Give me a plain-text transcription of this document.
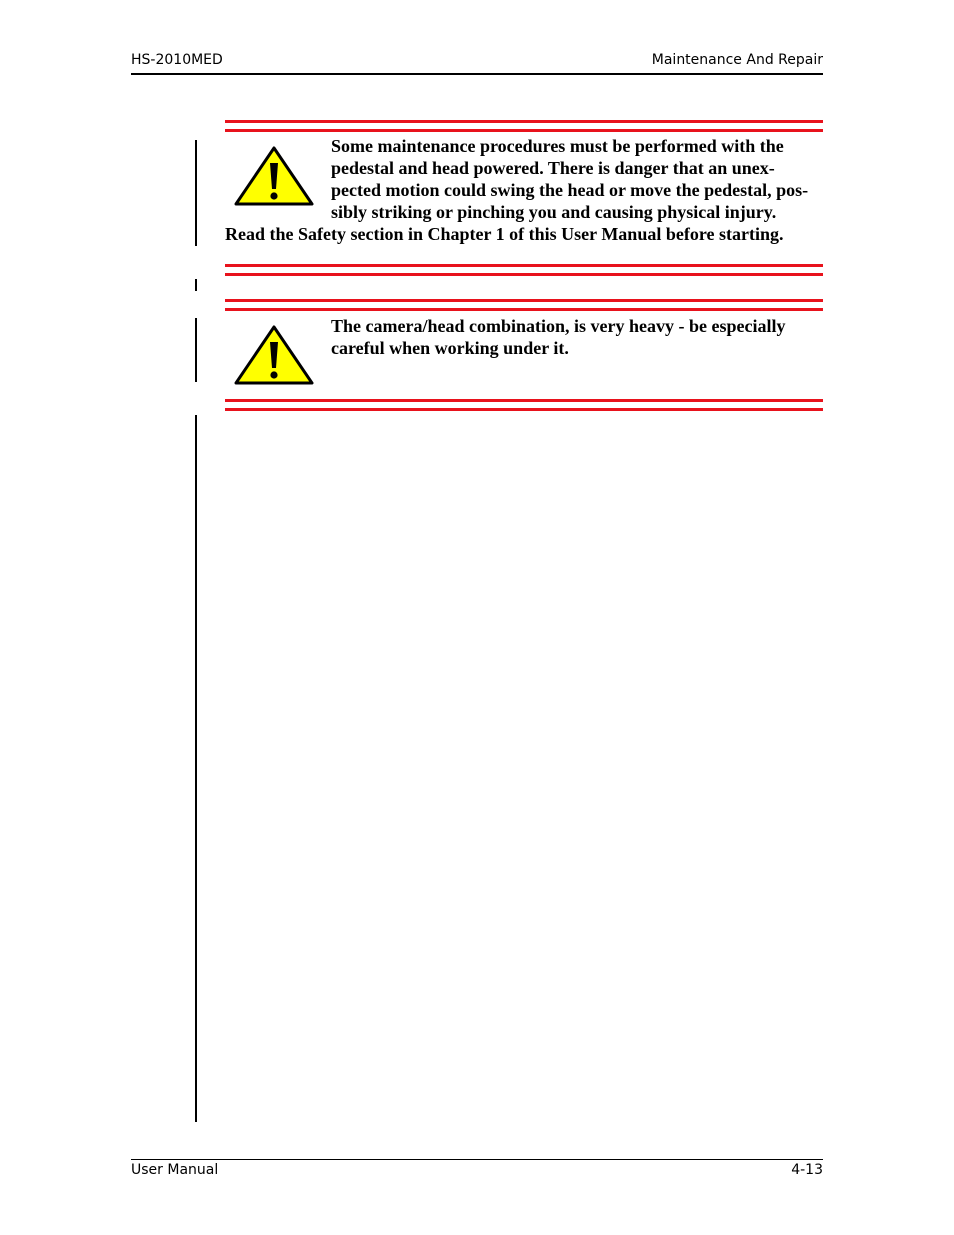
HS-2010MED	Maintenance And Repair
Some maintenance procedures must be performed with the
pedestal and head powered. There is danger that an unex-
pected motion could swing the head or move the pedestal, pos-
sibly striking or pinching you and causing physical injury.
Read the Safety section in Chapter 1 of this User Manual before starting.
The camera/head combination, is very heavy - be especially
careful when working under it.
User Manual	4-13
